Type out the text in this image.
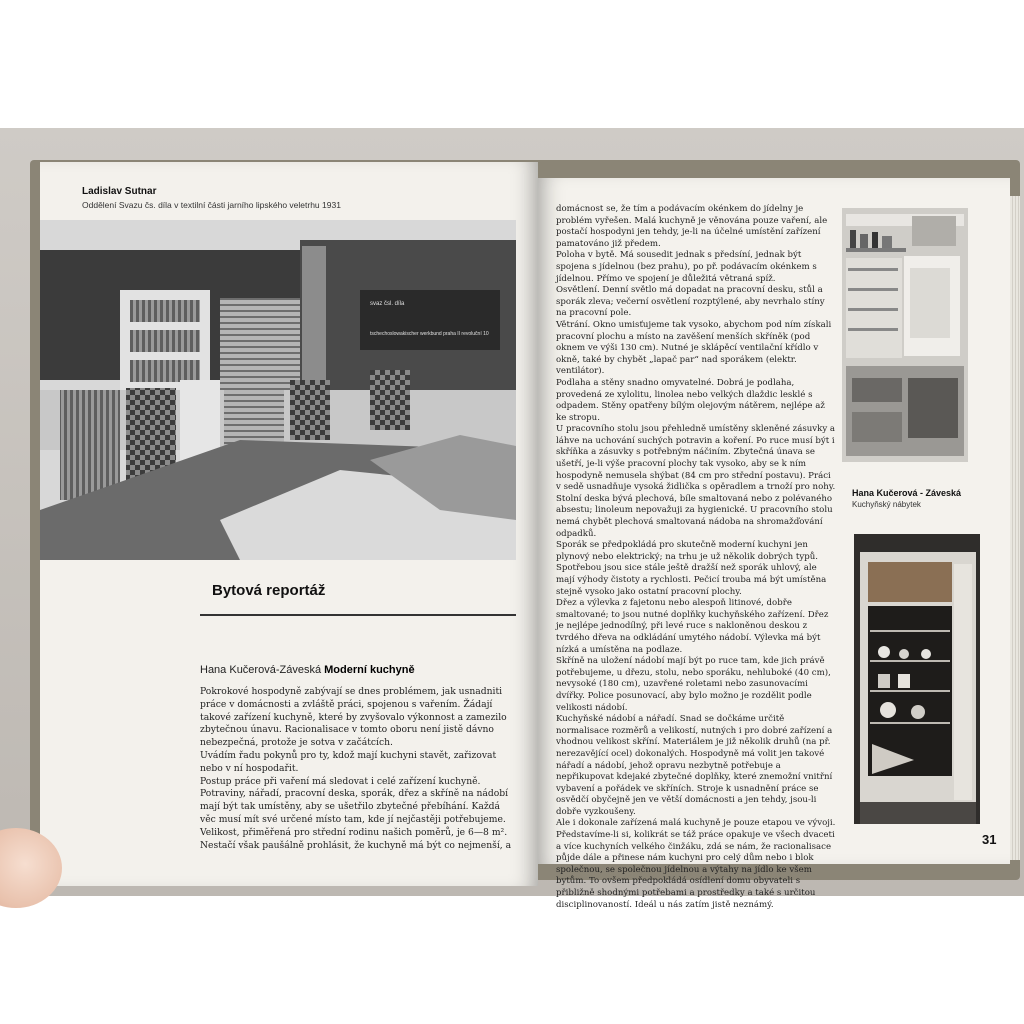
Ladislav Sutnar
Oddělení Svazu čs. díla v textilní části jarního lipského veletrhu 1931
svaz čsl. díla
tschechoslowakischer werkbund praha II revoluční 10
Bytová reportáž
Hana Kučerová-Záveská Moderní kuchyně

Pokrokové hospodyně zabývají se dnes problémem, jak usnadniti práce v domácnosti a zvláště práci, spojenou s vařením. Žádají takové zařízení kuchyně, které by zvyšovalo výkonnost a zamezilo zbytečnou únavu. Racionalisace v tomto oboru není jistě dávno nebezpečná, protože je sotva v začátcích.

Uvádím řadu pokynů pro ty, kdož mají kuchyni stavět, zařizovat nebo v ní hospodařit.

Postup práce při vaření má sledovat i celé zařízení kuchyně. Potraviny, nářadí, pracovní deska, sporák, dřez a skříně na nádobí mají být tak umístěny, aby se ušetřilo zbytečné přebíhání. Každá věc musí mít své určené místo tam, kde jí nejčastěji potřebujeme.

Velikost, přiměřená pro střední rodinu našich poměrů, je 6—8 m². Nestačí však paušálně prohlásit, že kuchyně má být co nejmenší, a

domácnost se, že tím a podávacím okénkem do jídelny je problém vyřešen. Malá kuchyně je věnována pouze vaření, ale postačí hospodyni jen tehdy, je-li na účelné umístění zařízení pamatováno již předem.

Poloha v bytě. Má sousedit jednak s předsíní, jednak být spojena s jídelnou (bez prahu), po př. podávacím okénkem s jídelnou. Přímo ve spojení je důležitá větraná spíž.

Osvětlení. Denní světlo má dopadat na pracovní desku, stůl a sporák zleva; večerní osvětlení rozptýlené, aby nevrhalo stíny na pracovní pole.

Větrání. Okno umisťujeme tak vysoko, abychom pod ním získali pracovní plochu a místo na zavěšení menších skříněk (pod oknem ve výši 130 cm). Nutné je sklápěcí ventilační křídlo v okně, také by chybět „lapač par“ nad sporákem (elektr. ventilátor).

Podlaha a stěny snadno omyvatelné. Dobrá je podlaha, provedená ze xylolitu, linolea nebo velkých dlaždic lesklé s odpadem. Stěny opatřeny bílým olejovým nátěrem, nejlépe až ke stropu.

U pracovního stolu jsou přehledně umístěny skleněné zásuvky a láhve na uchování suchých potravin a koření. Po ruce musí být i skříňka a zásuvky s potřebným náčiním. Zbytečná únava se ušetří, je-li výše pracovní plochy tak vysoko, aby se k ním hospodyně nemusela shýbat (84 cm pro střední postavu). Práci v sedě usnadňuje vysoká židlička s opěradlem a trnoží pro nohy. Stolní deska bývá plechová, bíle smaltovaná nebo z polévaného absestu; linoleum nepovažuji za hygienické. U pracovního stolu nemá chybět plechová smaltovaná nádoba na shromažďování odpadků.

Sporák se předpokládá pro skutečně moderní kuchyni jen plynový nebo elektrický; na trhu je už několik dobrých typů. Spotřebou jsou sice stále ještě dražší než sporák uhlový, ale mají výhody čistoty a rychlosti. Pečicí trouba má být umístěna stejně vysoko jako ostatní pracovní plochy.

Dřez a výlevka z fajetonu nebo alespoň litinové, dobře smaltované; to jsou nutné doplňky kuchyňského zařízení. Dřez je nejlépe jednodílný, při levé ruce s nakloněnou deskou z tvrdého dřeva na odkládání umytého nádobí. Výlevka má být nízká a umístěna na podlaze.

Skříně na uložení nádobí mají být po ruce tam, kde jich právě potřebujeme, u dřezu, stolu, nebo sporáku, nehluboké (40 cm), nevysoké (180 cm), uzavřené roletami nebo zasunovacími dvířky. Police posunovací, aby bylo možno je rozdělit podle velikosti nádobí.

Kuchyňské nádobí a nářadí. Snad se dočkáme určitě normalisace rozměrů a velikostí, nutných i pro dobré zařízení a vhodnou velikost skříní. Materiálem je již několik druhů (na př. nerezavějící ocel) dokonalých. Hospodyně má volit jen takové nářadí a nádobí, jehož opravu nezbytně potřebuje a nepřikupovat kdejaké zbytečné doplňky, které znemožní vnitřní vybavení a pořádek ve skříních. Stroje k usnadnění práce se osvědčí obyčejně jen ve větší domácnosti a jen tehdy, jsou-li dobře vyzkoušeny.

Ale i dokonale zařízená malá kuchyně je pouze etapou ve vývoji. Představíme-li si, kolikrát se táž práce opakuje ve všech dvaceti a více kuchyních velkého činžáku, zdá se nám, že racionalisace půjde dále a přinese nám kuchyni pro celý dům nebo i blok společnou, se společnou jídelnou a výtahy na jídlo ke všem bytům. To ovšem předpokládá osídlení domu obyvateli s přibližně shodnými potřebami a prostředky a také s určitou disciplinovaností. Ideál u nás zatím jistě neznámý.

Hana Kučerová - Záveská
Kuchyňský nábytek
31
